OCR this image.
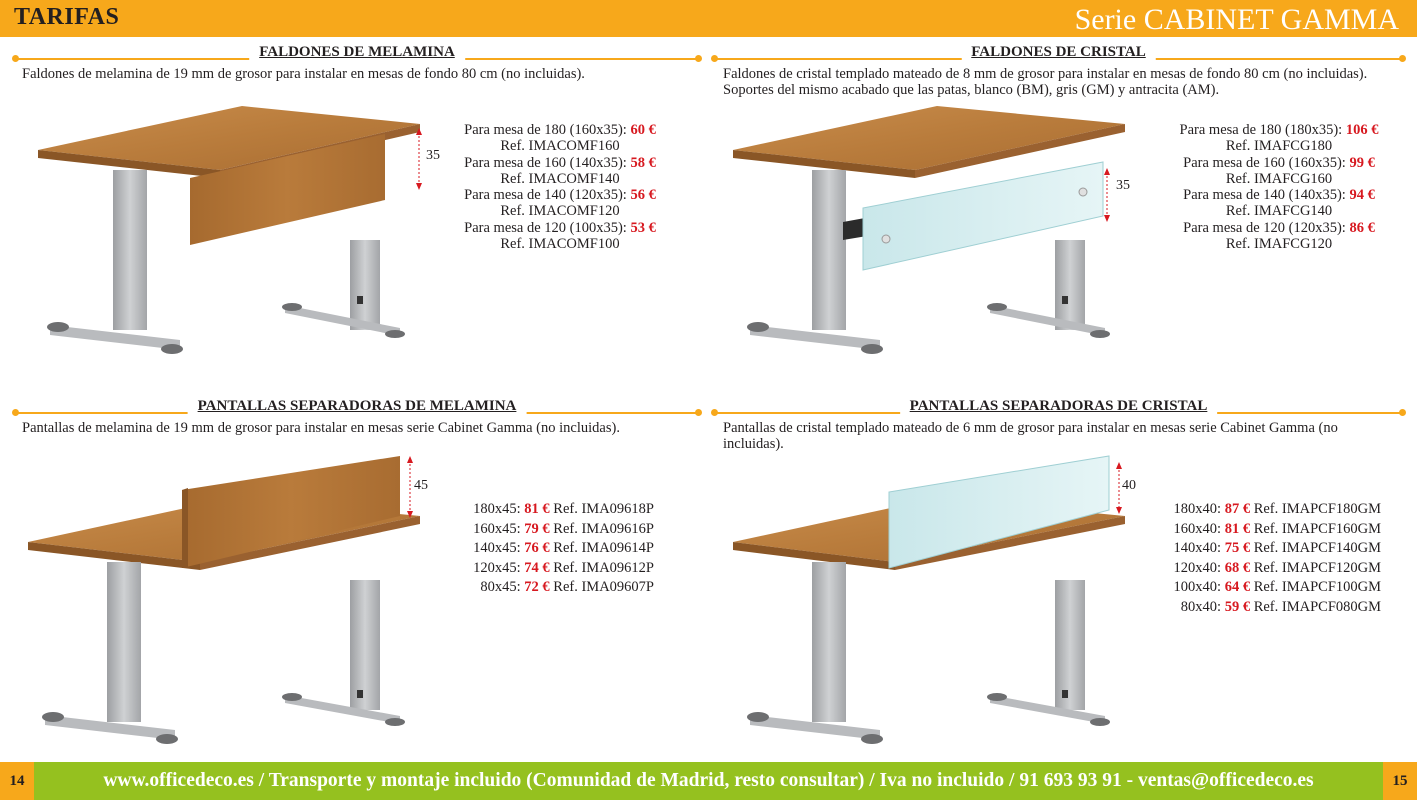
TARIFAS	Serie CABINET GAMMA
FALDONES DE MELAMINA
Faldones de melamina de 19 mm de grosor para instalar en mesas de fondo 80 cm (no incluidas).
35
Para mesa de 180 (160x35): 60 €
Ref. IMACOMF160
Para mesa de 160 (140x35): 58 €
Ref. IMACOMF140
Para mesa de 140 (120x35): 56 €
Ref. IMACOMF120
Para mesa de 120 (100x35): 53 €
Ref. IMACOMF100
FALDONES DE CRISTAL
Faldones de cristal templado mateado de 8 mm de grosor para instalar en mesas de fondo 80 cm (no incluidas).
Soportes del mismo acabado que las patas, blanco (BM), gris (GM) y antracita (AM).
35
Para mesa de 180 (180x35): 106 €
Ref. IMAFCG180
Para mesa de 160 (160x35): 99 €
Ref. IMAFCG160
Para mesa de 140 (140x35): 94 €
Ref. IMAFCG140
Para mesa de 120 (120x35): 86 €
Ref. IMAFCG120
PANTALLAS SEPARADORAS DE MELAMINA
Pantallas de melamina de 19 mm de grosor para instalar en mesas serie Cabinet Gamma (no incluidas).
45
180x45: 81 € Ref. IMA09618P
160x45: 79 € Ref. IMA09616P
140x45: 76 € Ref. IMA09614P
120x45: 74 € Ref. IMA09612P
80x45: 72 € Ref. IMA09607P
PANTALLAS SEPARADORAS DE CRISTAL
Pantallas de cristal templado mateado de 6 mm de grosor para instalar en mesas serie Cabinet Gamma (no
incluidas).
40
180x40: 87 € Ref. IMAPCF180GM
160x40: 81 € Ref. IMAPCF160GM
140x40: 75 € Ref. IMAPCF140GM
120x40: 68 € Ref. IMAPCF120GM
100x40: 64 € Ref. IMAPCF100GM
80x40: 59 € Ref. IMAPCF080GM
14	www.officedeco.es / Transporte y montaje incluido (Comunidad de Madrid, resto consultar) / Iva no incluido / 91 693 93 91 - ventas@officedeco.es	15
